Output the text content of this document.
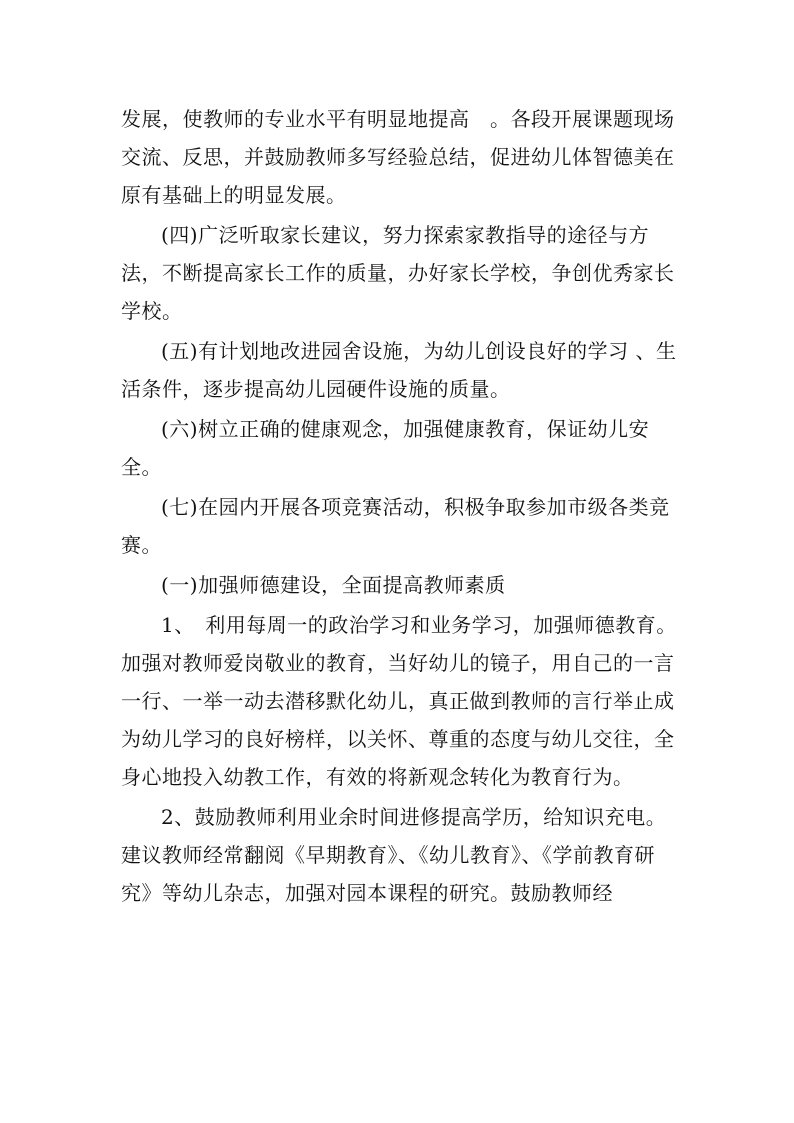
发展，使教师的专业水平有明显地提高　。各段开展课题现场交流、反思，并鼓励教师多写经验总结，促进幼儿体智德美在原有基础上的明显发展。

(四)广泛听取家长建议，努力探索家教指导的途径与方法，不断提高家长工作的质量，办好家长学校，争创优秀家长学校。

(五)有计划地改进园舍设施，为幼儿创设良好的学习 、生活条件，逐步提高幼儿园硬件设施的质量。

(六)树立正确的健康观念，加强健康教育，保证幼儿安全。

(七)在园内开展各项竞赛活动，积极争取参加市级各类竞赛。

(一)加强师德建设，全面提高教师素质

1、　利用每周一的政治学习和业务学习，加强师德教育。加强对教师爱岗敬业的教育，当好幼儿的镜子，用自己的一言一行、一举一动去潜移默化幼儿，真正做到教师的言行举止成为幼儿学习的良好榜样，以关怀、尊重的态度与幼儿交往，全身心地投入幼教工作，有效的将新观念转化为教育行为。

2、鼓励教师利用业余时间进修提高学历，给知识充电。建议教师经常翻阅《早期教育》、《幼儿教育》、《学前教育研究》等幼儿杂志，加强对园本课程的研究。鼓励教师经
